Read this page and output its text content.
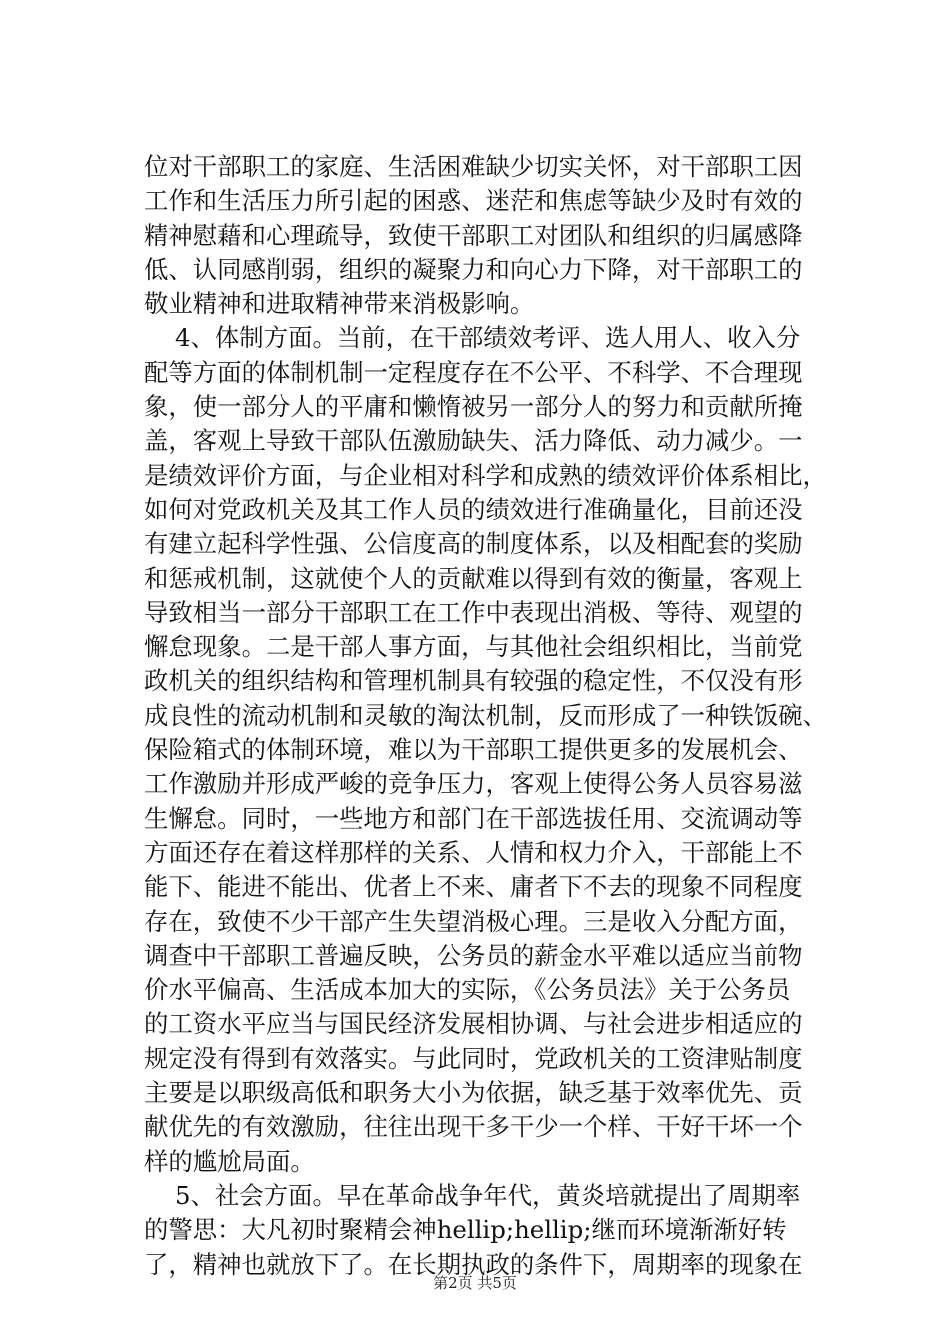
位对干部职工的家庭、生活困难缺少切实关怀，对干部职工因
工作和生活压力所引起的困惑、迷茫和焦虑等缺少及时有效的
精神慰藉和心理疏导，致使干部职工对团队和组织的归属感降
低、认同感削弱，组织的凝聚力和向心力下降，对干部职工的
敬业精神和进取精神带来消极影响。
4、体制方面。当前，在干部绩效考评、选人用人、收入分
配等方面的体制机制一定程度存在不公平、不科学、不合理现
象，使一部分人的平庸和懒惰被另一部分人的努力和贡献所掩
盖，客观上导致干部队伍激励缺失、活力降低、动力减少。一
是绩效评价方面，与企业相对科学和成熟的绩效评价体系相比，
如何对党政机关及其工作人员的绩效进行准确量化，目前还没
有建立起科学性强、公信度高的制度体系，以及相配套的奖励
和惩戒机制，这就使个人的贡献难以得到有效的衡量，客观上
导致相当一部分干部职工在工作中表现出消极、等待、观望的
懈怠现象。二是干部人事方面，与其他社会组织相比，当前党
政机关的组织结构和管理机制具有较强的稳定性，不仅没有形
成良性的流动机制和灵敏的淘汰机制，反而形成了一种铁饭碗、
保险箱式的体制环境，难以为干部职工提供更多的发展机会、
工作激励并形成严峻的竞争压力，客观上使得公务人员容易滋
生懈怠。同时，一些地方和部门在干部选拔任用、交流调动等
方面还存在着这样那样的关系、人情和权力介入，干部能上不
能下、能进不能出、优者上不来、庸者下不去的现象不同程度
存在，致使不少干部产生失望消极心理。三是收入分配方面，
调查中干部职工普遍反映，公务员的薪金水平难以适应当前物
价水平偏高、生活成本加大的实际，《公务员法》关于公务员
的工资水平应当与国民经济发展相协调、与社会进步相适应的
规定没有得到有效落实。与此同时，党政机关的工资津贴制度
主要是以职级高低和职务大小为依据，缺乏基于效率优先、贡
献优先的有效激励，往往出现干多干少一个样、干好干坏一个
样的尴尬局面。
5、社会方面。早在革命战争年代，黄炎培就提出了周期率
的警思：大凡初时聚精会神hellip;hellip;继而环境渐渐好转
了，精神也就放下了。在长期执政的条件下，周期率的现象在
第2页 共5页
